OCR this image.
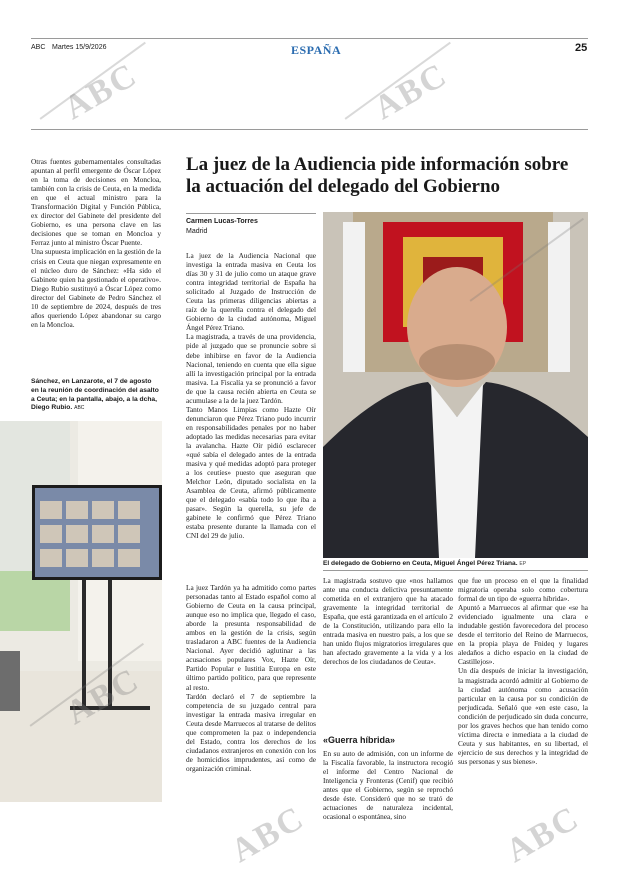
ABC Martes 15/9/2026	ESPAÑA	25
Otras fuentes gubernamentales consultadas apuntan al perfil emergente de Óscar López en la toma de decisiones en Moncloa, también con la crisis de Ceuta, en la medida en que el actual ministro para la Transformación Digital y Función Pública, ex director del Gabinete del presidente del Gobierno, es una persona clave en las decisiones que se toman en Moncloa y Ferraz junto al ministro Óscar Puente.
Una supuesta implicación en la gestión de la crisis en Ceuta que niegan expresamente en el núcleo duro de Sánchez: «Ha sido el Gabinete quien ha gestionado el operativo». Diego Rubio sustituyó a Óscar López como director del Gabinete de Pedro Sánchez el 10 de septiembre de 2024, después de tres años queriendo López abandonar su cargo en la Moncloa.
Sánchez, en Lanzarote, el 7 de agosto en la reunión de coordinación del asalto a Ceuta; en la pantalla, abajo, a la dcha, Diego Rubio. ABC
La juez de la Audiencia pide información sobre la actuación del delegado del Gobierno
Carmen Lucas-Torres
Madrid
La juez de la Audiencia Nacional que investiga la entrada masiva en Ceuta los días 30 y 31 de julio como un ataque grave contra integridad territorial de España ha solicitado al Juzgado de Instrucción de Ceuta las primeras diligencias abiertas a raíz de la querella contra el delegado del Gobierno de la ciudad autónoma, Miguel Ángel Pérez Triano.
La magistrada, a través de una providencia, pide al juzgado que se pronuncie sobre si debe inhibirse en favor de la Audiencia Nacional, teniendo en cuenta que ella sigue allí la investigación principal por la entrada masiva. La Fiscalía ya se pronunció a favor de que la causa recién abierta en Ceuta se acumulase a la de la juez Tardón.
Tanto Manos Limpias como Hazte Oír denunciaron que Pérez Triano pudo incurrir en responsabilidades penales por no haber adoptado las medidas necesarias para evitar la avalancha. Hazte Oír pidió esclarecer «qué sabía el delegado antes de la entrada masiva y qué medidas adoptó para proteger a los ceutíes» puesto que aseguran que Melchor León, diputado socialista en la Asamblea de Ceuta, afirmó públicamente que el delegado «sabía todo lo que iba a pasar». Según la querella, su jefe de gabinete le confirmó que Pérez Triano estaba presente durante la llamada con el CNI del 29 de julio.
La juez Tardón ya ha admitido como partes personadas tanto al Estado español como al Gobierno de Ceuta en la causa principal, aunque eso no implica que, llegado el caso, aborde la presunta responsabilidad de ambos en la gestión de la crisis, según trasladaron a ABC fuentes de la Audiencia Nacional. Ayer decidió aglutinar a las acusaciones populares Vox, Hazte Oír, Partido Popular e Iustitia Europa en este último partido político, para que represente al resto.
Tardón declaró el 7 de septiembre la competencia de su juzgado central para investigar la entrada masiva irregular en Ceuta desde Marruecos al tratarse de delitos que comprometen la paz o independencia del Estado, contra los derechos de los ciudadanos extranjeros en conexión con los de homicidios imprudentes, así como de organización criminal.
El delegado de Gobierno en Ceuta, Miguel Ángel Pérez Triana. EP
La magistrada sostuvo que «nos hallamos ante una conducta delictiva presuntamente cometida en el extranjero que ha atacado gravemente la integridad territorial de España, que está garantizada en el artículo 2 de la Constitución, utilizando para ello la entrada masiva en nuestro país, a los que se han unido flujos migratorios irregulares que han afectado gravemente a la vida y a los derechos de los ciudadanos de Ceuta».
«Guerra híbrida»
En su auto de admisión, con un informe de la Fiscalía favorable, la instructora recogió el informe del Centro Nacional de Inteligencia y Fronteras (Cenif) que recibió antes que el Gobierno, según se reprochó desde éste. Consideró que no se trató de actuaciones de naturaleza incidental, ocasional o espontánea, sino
que fue un proceso en el que la finalidad migratoria operaba solo como cobertura formal de un tipo de «guerra híbrida».
Apuntó a Marruecos al afirmar que «se ha evidenciado igualmente una clara e indudable gestión favorecedora del proceso desde el territorio del Reino de Marruecos, en la propia playa de Fnideq y lugares aledaños a dicho espacio en la ciudad de Castillejos».
Un día después de iniciar la investigación, la magistrada acordó admitir al Gobierno de la ciudad autónoma como acusación particular en la causa por su condición de perjudicada. Señaló que «en este caso, la condición de perjudicado sin duda concurre, por los graves hechos que han tenido como víctima directa e inmediata a la ciudad de Ceuta y sus habitantes, en su libertad, el ejercicio de sus derechos y la integridad de sus personas y sus bienes».
ABC	ABC
ABC
ABC	ABC
